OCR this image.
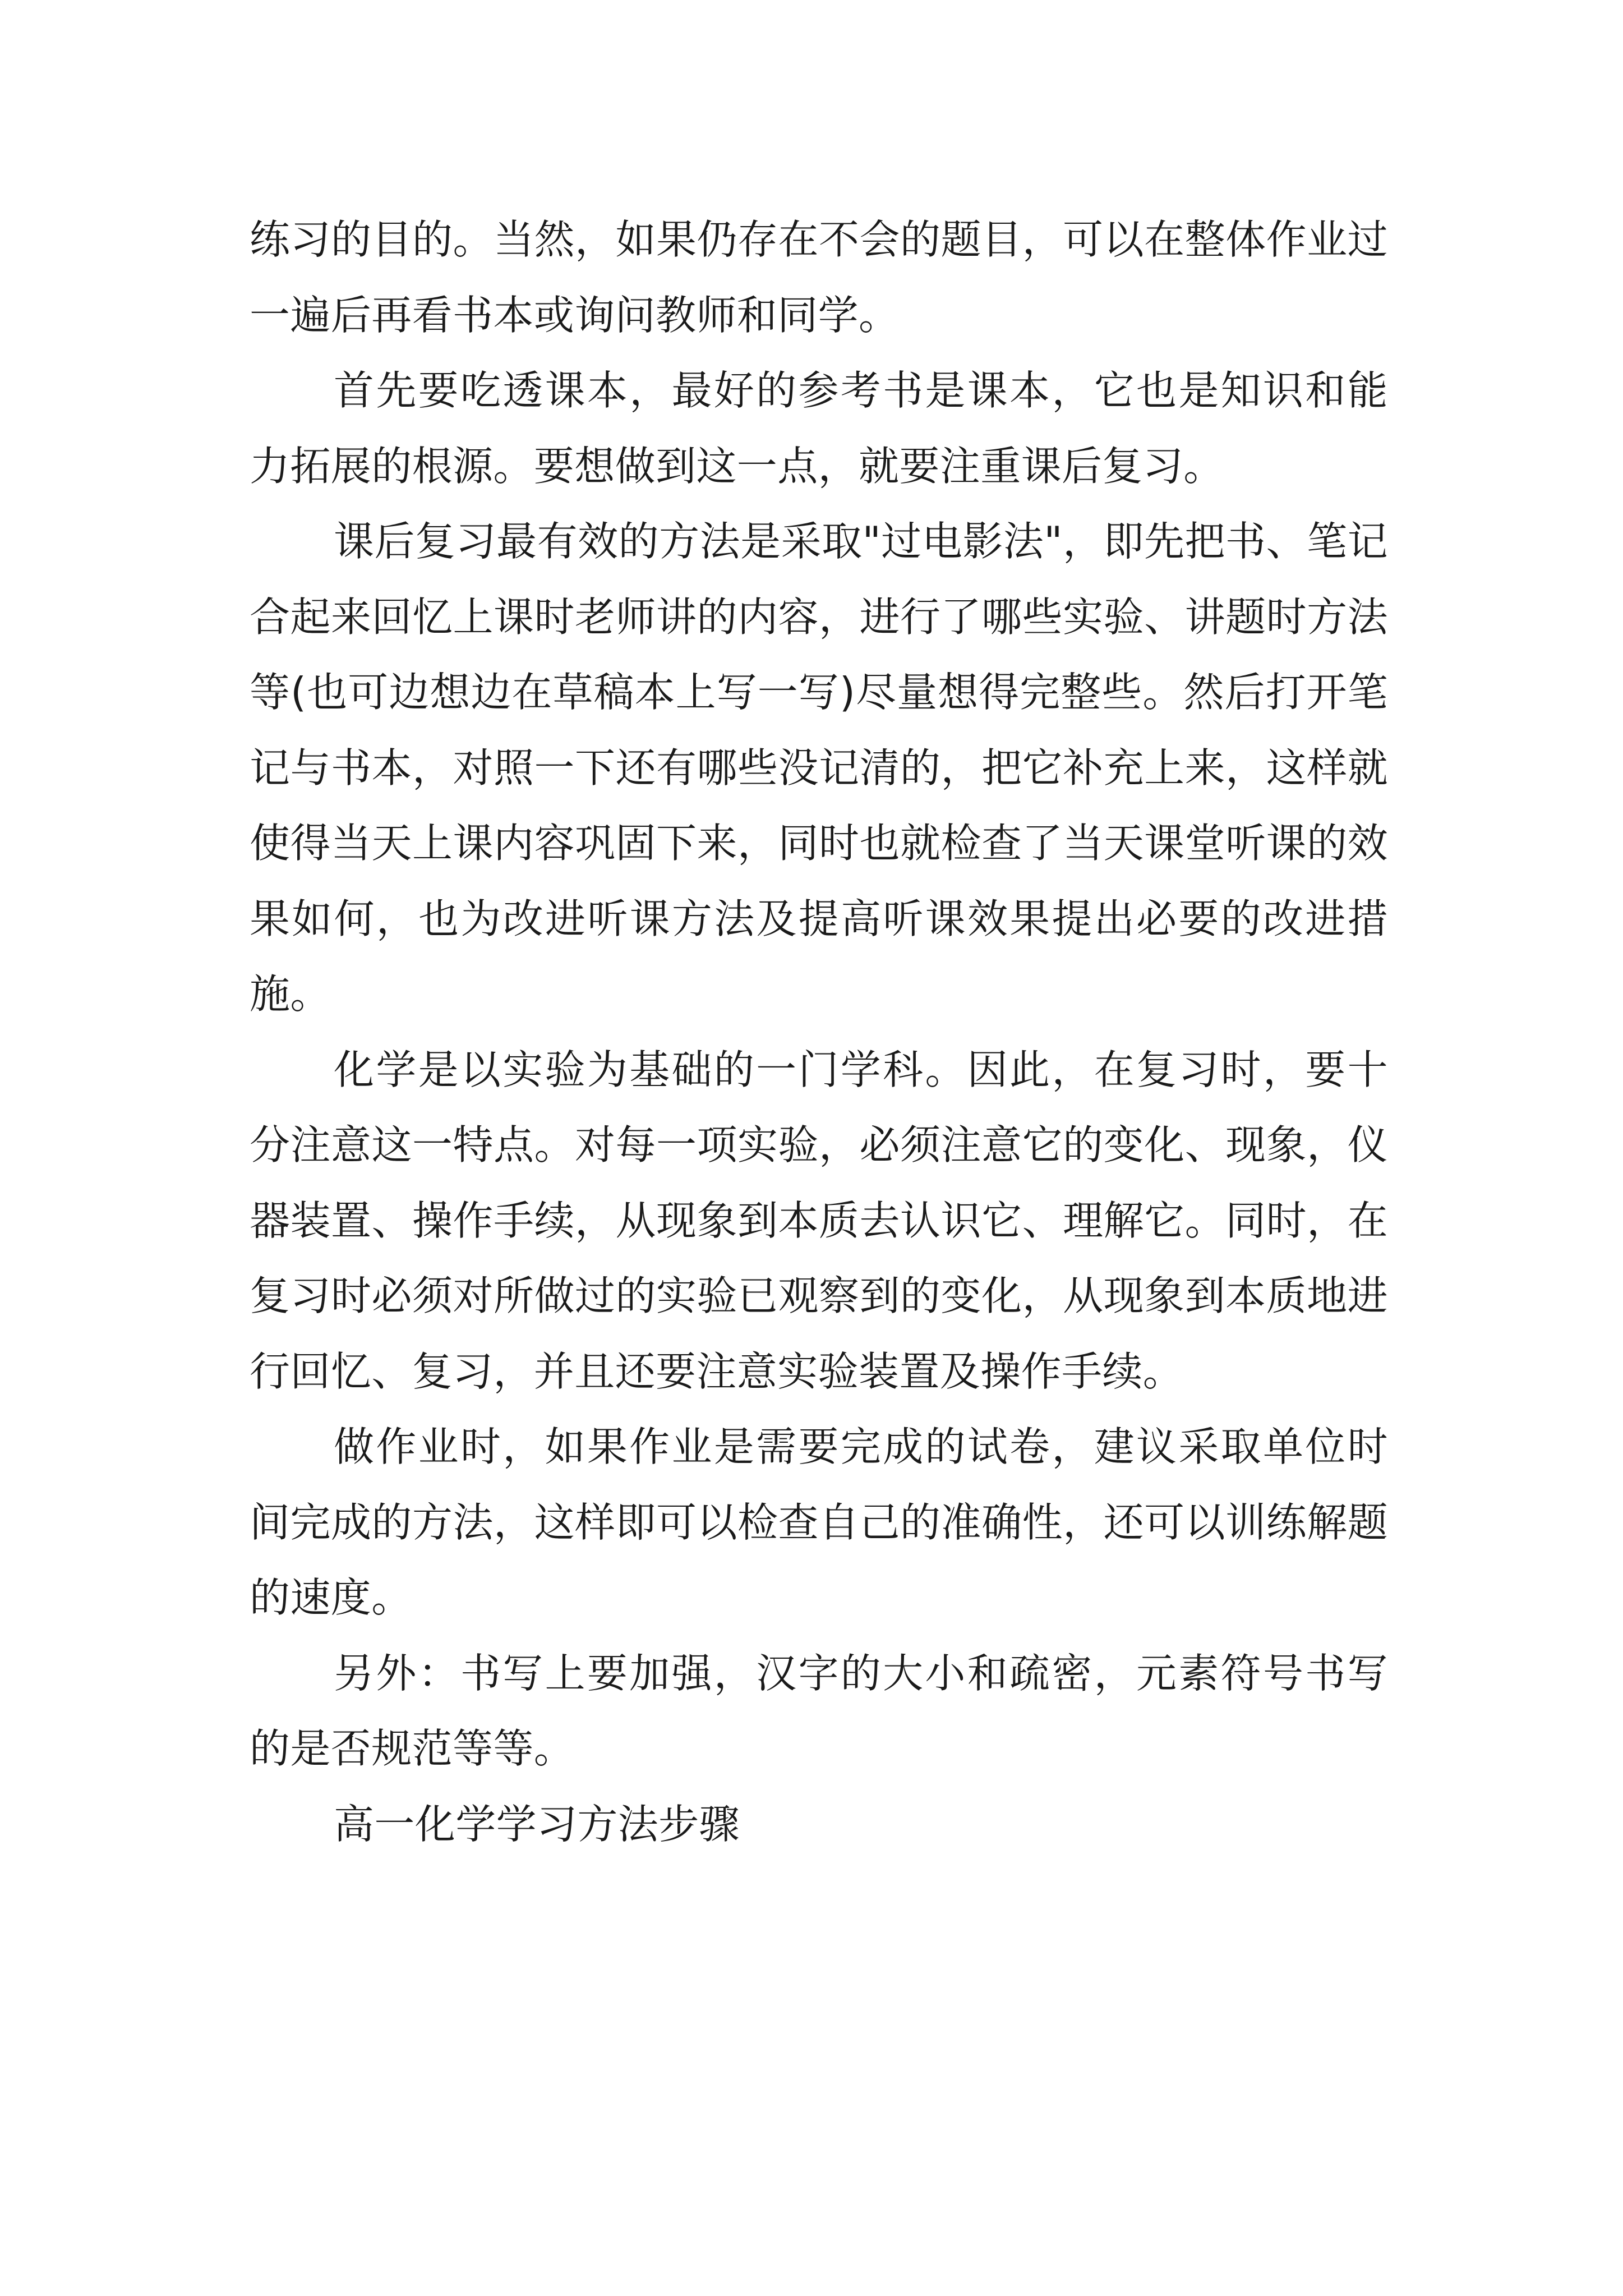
练习的目的。当然，如果仍存在不会的题目，可以在整体作业过一遍后再看书本或询问教师和同学。

首先要吃透课本，最好的参考书是课本，它也是知识和能力拓展的根源。要想做到这一点，就要注重课后复习。

课后复习最有效的方法是采取"过电影法"，即先把书、笔记合起来回忆上课时老师讲的内容，进行了哪些实验、讲题时方法等(也可边想边在草稿本上写一写)尽量想得完整些。然后打开笔记与书本，对照一下还有哪些没记清的，把它补充上来，这样就使得当天上课内容巩固下来，同时也就检查了当天课堂听课的效果如何，也为改进听课方法及提高听课效果提出必要的改进措施。

化学是以实验为基础的一门学科。因此，在复习时，要十分注意这一特点。对每一项实验，必须注意它的变化、现象，仪器装置、操作手续，从现象到本质去认识它、理解它。同时，在复习时必须对所做过的实验已观察到的变化，从现象到本质地进行回忆、复习，并且还要注意实验装置及操作手续。

做作业时，如果作业是需要完成的试卷，建议采取单位时间完成的方法，这样即可以检查自己的准确性，还可以训练解题的速度。

另外：书写上要加强，汉字的大小和疏密，元素符号书写的是否规范等等。

高一化学学习方法步骤
